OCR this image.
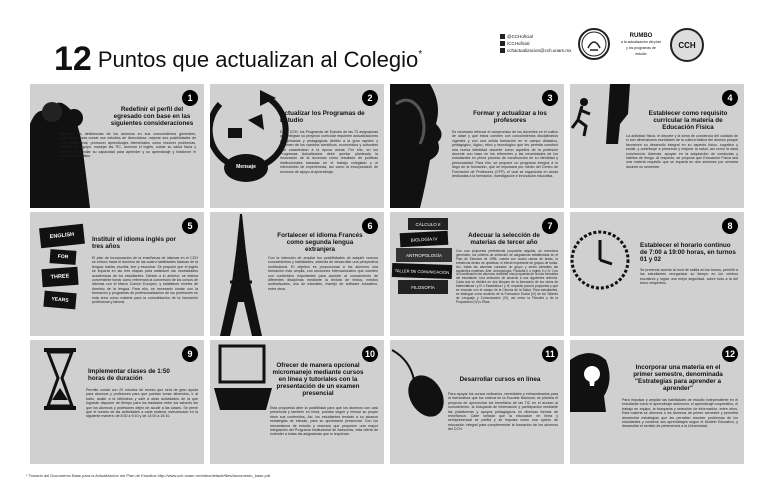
12 Puntos que actualizan al Colegio*
@CCHoficial
/CCHoficial
cchactualizacion@cch.unam.mx
RUMBO
a la actualización del plan y los programas de estudio
CCH
1
Redefinir el perfil del egresado con base en las siguientes consideraciones
Resolver las deficiencias de los alumnos en sus conocimientos generales, prepararlos para cursar sus estudios de licenciatura, mejorar sus posibilidades de éxito profesional, promover aprendizajes elementales como resolver problemas, trabajar en equipo, manejar las TIC, dominar el inglés, cuidar su salud física y mental, desarrollar su capacidad para aprender y su aprendizaje y fortalecer el talento deliberativo.
Mensaje
2
Actualizar los Programas de Estudio
En el CCH, los Programas de Estudio de las 73 asignaturas que integran su proyecto curricular requieren actualizaciones disciplinarias y pedagógicas debido a la gran rapidez y volumen de los cambios científicos, económicos y culturales que caracterizan a la época actual. Por ello, en los Programas Actualizados debe quedar planteada la innovación de la docencia como resultado de políticas institucionales basadas en el trabajo colegiado y el intercambio de experiencias, así como la incorporación de recursos de apoyo al aprendizaje.
3
Formar y actualizar a los profesores
Es necesario reforzar el compromiso de los docentes en el cultivo de clase y que éstos cuenten con conocimientos disciplinarios vigentes y con una sólida formación en el campo didáctico, pedagógico, lógico, ético y tecnológico que les permita construir una nueva identidad docente como aquellos de la profesión docente con base en los referentes y las necesidades de los estudiantes en plena proceso de construcción de su identidad y personalidad. Para ello, se propone un programa integral a lo largo de la formación, que se impulsará por medio del Centro de Formación de Profesores (CFP), el cual se organizará en áreas dedicadas a la formación, investigación e innovación educativa.
4
Establecer como requisito curricular la materia de Educación Física
La actividad física, el deporte y la toma de conciencia del cuidado de sí son dimensiones esenciales de la cultura básica del alumno porque favorecen su desarrollo integral en su aspecto físico, cognitivo y social, y contribuye a preservar y mejorar la salud, así como la sana convivencia. Además, apoyan en la adquisición de conductas y hábitos de riesgo. Al respecto, se propone que Educación Física sea una materia requisito que se imparta en dos sesiones por semana durante un semestre.
ENGLISH
FOR
THREE
YEARS
5
Instituir el idioma inglés por tres años
El plan de incorporación de la enseñanza de idiomas en el CCH se enfocó hacia el dominio de las cuatro habilidades básicas de la lengua: hablar, escribir, leer y escuchar. Se propone que el inglés se imparta en las tres etapas para satisfacer las necesidades académicas de los estudiantes. Debido a lo anterior, se estima conveniente tomar como referencia la conversión de los cursos de idiomas con el Marco Común Europeo, y establecer niveles de dominio de la lengua. Para ello, es necesario contar con la formación y programas de profesionalización de los profesores en esta área como materia para la consolidación de la formación profesional y laboral.
6
Fortalecer el idioma Francés como segunda lengua extranjera
Con la intención de ampliar tus posibilidades de adquirir nuevos conocimientos y habilidades, además de desarrollar una perspectiva multicultural. El objetivo es proporcionar a los alumnos una formación más amplia, con secciones internacionales que cuenten con contenidos importantes para acceder al conocimiento de diferentes disciplinas mediante la lectura de textos, medios audiovisuales, uso de tutoriales, manejo de software educativo, entre otros.
CÁLCULO II
BIOLOGÍA IV
ANTROPOLOGÍA
TALLER DE COMUNICACIÓN
FILOSOFÍA
7
Adecuar la selección de materias de tercer año
Con una propuesta preferencial propuesta seguida, se menciona generales: los criterios de selección de asignaturas establecidas en el Plan de Estudios de 1996, cuenta con cuatro ramas de áreas, la existencia dentro de optativas, el efecto importante de grupos de todas. Así, todas las alumnas cursarán un grupo y serán variantes las siguientes materias: Arte: Antropología, Filosofía II o Inglés II o IV. Con la coordinación de alumnos recibirán una propuesta de la ruta formativa del estudiante. Una selección de acuerdo a sus siguientes criterios. Cada una se dividirá en dos bloques de la formación de los ciclos de Matemáticas I y III o Estadística I y III, requisito para la propuesta y que se vinculan con el campo de la Ciencia de la Salud. Para estudiantes, se distingue como acuerdo de la Formación Social (IV) de los Talleres de Lenguaje y Comunicación (IV), así como la Filosofía y de la Proposición (IV) u Ética.
8
Establecer el horario continuo de 7:00 a 19:00 horas, en turnos 01 y 02
Se pretende acortar la hora de salida en los turnos, permitir a los estudiantes reorganizar su tiempo en los centros escolares y lograr una mejor seguridad, sobre todo a la del turno vespertino.
9
Implementar clases de 1:50 horas de duración
Permite contar con 20 minutos de receso que será de gran ayuda para alumnos y profesores para que puedan tomar alimentos, ir al baño, asistir a la biblioteca y salir a otras actividades de la que lograrán disponer de tiempo para los traslados entre los salones sin que los alumnos y profesores dejen de acudir a las clases. Se prevé que el horario de las actividades a cada materia, estructurado en la siguiente manera: de 8:30 a 9:10 y de 14:00 a 15:10.
10
Ofrecer de manera opcional micromanejo mediante cursos en línea y tutoriales con la presentación de un examen presencial
Esta propuesta abre la posibilidad para que los alumnos con casi presencial y también en línea, puedan seguir y revisar su propio ritmo sus contenidos. Así, los estudiantes tendrán a su alcance estrategias de estudio, para su aprobación presencial. Con los mecanismos de estudio y recursos que proponen una mayor integración del Programa Institucional de Asesorías, esta oferta de extender a todas las asignaturas que lo requieran.
11
Desarrollar cursos en línea
Para apoyar los cursos ordinarios, remediales y extraordinarios para la licenciatura que los ordena en la Escuela Nacional, se plantea el proyecto de aprovechar los beneficios de las TIC en el acceso al conocimiento, la búsqueda de información y participación mediante las plataformas y apoyos pedagógicos en diversas formas de enseñanza. Cabe señalar que la educación en línea y semipresencial se perfila y se impulsa como una opción de educación integral para complementar la formación de los alumnos del CCH.
12
Incorporar una materia en el primer semestre, denominada "Estrategias para aprender a aprender"
Para impulsar y ampliar las habilidades de estudio independiente en el estudiante como el aprendizaje autónomo, el aprendizaje cooperativo, el trabajo en equipo, la búsqueda y selección de información, entre otros. Esta materia se ofrecerá a los alumnos de primer semestre y permitirá desarrollar estrategias que les permitan resolver problemas de los estudiantes y construir sus aprendizajes según el Modelo Educativo, y desarrollar el sentido de pertenencia a la Universidad.
* Tomado del Documento Base para la Actualización del Plan de Estudios http://www.cch.unam.mx/sites/default/files/documento_base.pdf
